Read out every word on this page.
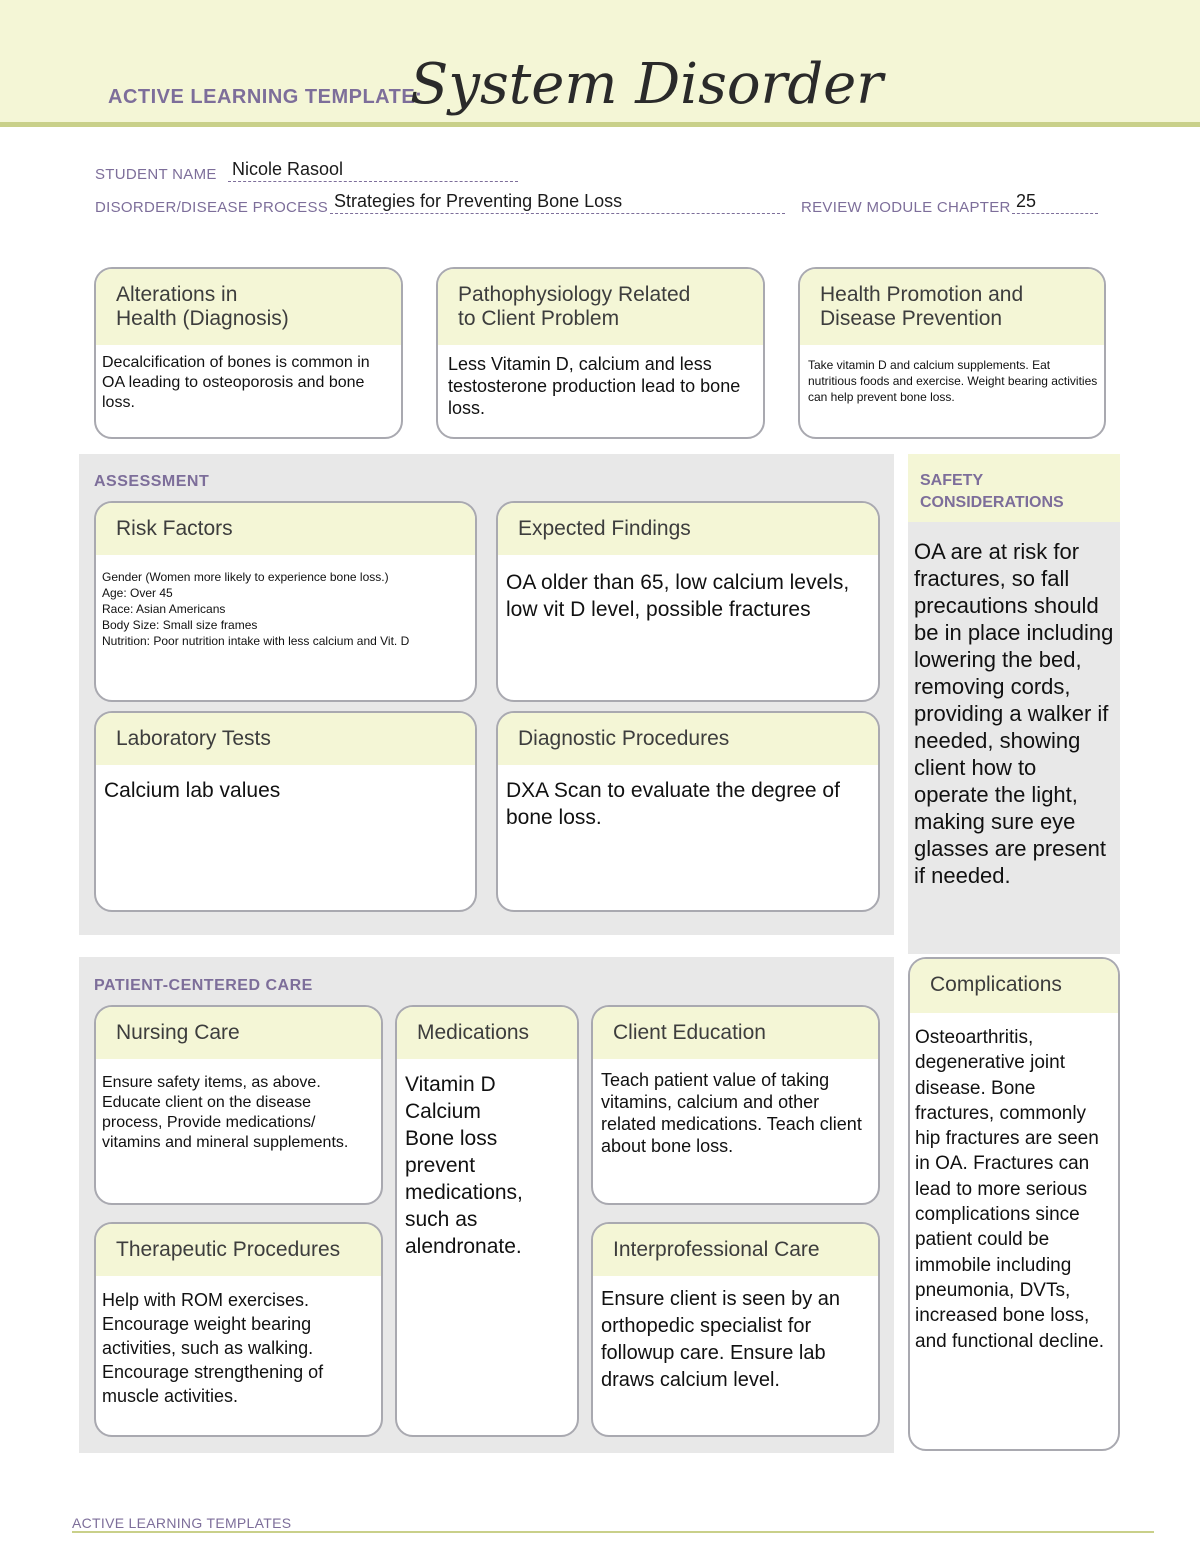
ACTIVE LEARNING TEMPLATE:
System Disorder
STUDENT NAME Nicole Rasool
DISORDER/DISEASE PROCESS Strategies for Preventing Bone Loss	REVIEW MODULE CHAPTER 25
Alterations in
Health (Diagnosis)
Decalcification of bones is common in OA leading to osteoporosis and bone loss.
Pathophysiology Related
to Client Problem
Less Vitamin D, calcium and less testosterone production lead to bone loss.
Health Promotion and
Disease Prevention
Take vitamin D and calcium supplements. Eat nutritious foods and exercise. Weight bearing activities can help prevent bone loss.
ASSESSMENT
Risk Factors
Gender (Women more likely to experience bone loss.)
Age: Over 45
Race: Asian Americans
Body Size: Small size frames
Nutrition: Poor nutrition intake with less calcium and Vit. D
Expected Findings
OA older than 65, low calcium levels, low vit D level, possible fractures
Laboratory Tests
Calcium lab values
Diagnostic Procedures
DXA Scan to evaluate the degree of bone loss.
SAFETY
CONSIDERATIONS
OA are at risk for fractures, so fall precautions should be in place including lowering the bed, removing cords, providing a walker if needed, showing client how to operate the light, making sure eye glasses are present if needed.
PATIENT-CENTERED CARE
Nursing Care
Ensure safety items, as above. Educate client on the disease process, Provide medications/ vitamins and mineral supplements.
Medications
Vitamin D
Calcium
Bone loss prevent medications, such as alendronate.
Client Education
Teach patient value of taking vitamins, calcium and other related medications. Teach client about bone loss.
Therapeutic Procedures
Help with ROM exercises. Encourage weight bearing activities, such as walking. Encourage strengthening of muscle activities.
Interprofessional Care
Ensure client is seen by an orthopedic specialist for followup care. Ensure lab draws calcium level.
Complications
Osteoarthritis, degenerative joint disease. Bone fractures, commonly hip fractures are seen in OA. Fractures can lead to more serious complications since patient could be immobile including pneumonia, DVTs, increased bone loss, and functional decline.
ACTIVE LEARNING TEMPLATES
